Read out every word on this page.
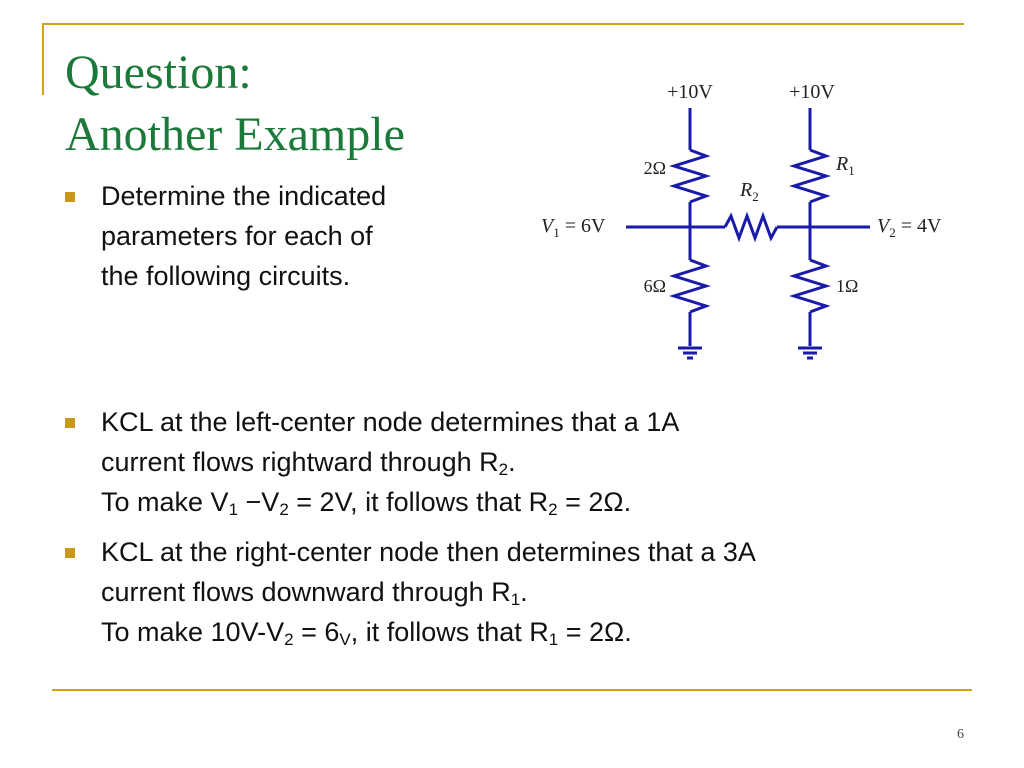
Question:
Another Example
Determine the indicated
parameters for each of
the following circuits.
+10V	+10V
2Ω	$R_1$
$R_2$
$V_1 = 6V$	$V_2 = 4V$
6Ω	1Ω
KCL at the left-center node determines that a 1A
current flows rightward through $R_2$.
To make $V_1 -V_2 = 2V$, it follows that $R_2 = 2\Omega$.
KCL at the right-center node then determines that a 3A
current flows downward through $R_1$.
To make $10V-V_2 = 6_V$, it follows that $R_1 = 2\Omega$.
6
